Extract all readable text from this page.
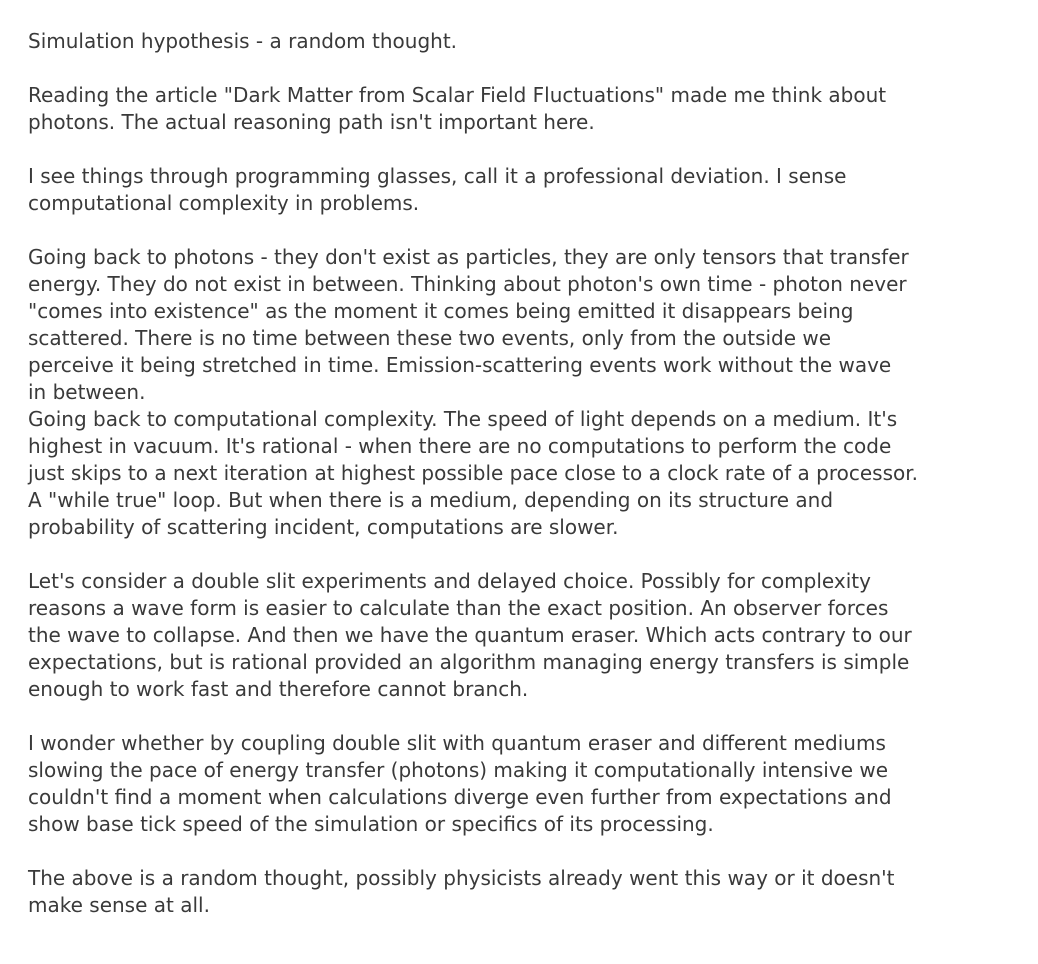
Simulation hypothesis - a random thought.
Reading the article "Dark Matter from Scalar Field Fluctuations" made me think about
photons. The actual reasoning path isn't important here.
I see things through programming glasses, call it a professional deviation. I sense
computational complexity in problems.
Going back to photons - they don't exist as particles, they are only tensors that transfer
energy. They do not exist in between. Thinking about photon's own time - photon never
"comes into existence" as the moment it comes being emitted it disappears being
scattered. There is no time between these two events, only from the outside we
perceive it being stretched in time. Emission-scattering events work without the wave
in between.
Going back to computational complexity. The speed of light depends on a medium. It's
highest in vacuum. It's rational - when there are no computations to perform the code
just skips to a next iteration at highest possible pace close to a clock rate of a processor.
A "while true" loop. But when there is a medium, depending on its structure and
probability of scattering incident, computations are slower.
Let's consider a double slit experiments and delayed choice. Possibly for complexity
reasons a wave form is easier to calculate than the exact position. An observer forces
the wave to collapse. And then we have the quantum eraser. Which acts contrary to our
expectations, but is rational provided an algorithm managing energy transfers is simple
enough to work fast and therefore cannot branch.
I wonder whether by coupling double slit with quantum eraser and different mediums
slowing the pace of energy transfer (photons) making it computationally intensive we
couldn't find a moment when calculations diverge even further from expectations and
show base tick speed of the simulation or specifics of its processing.
The above is a random thought, possibly physicists already went this way or it doesn't
make sense at all.
